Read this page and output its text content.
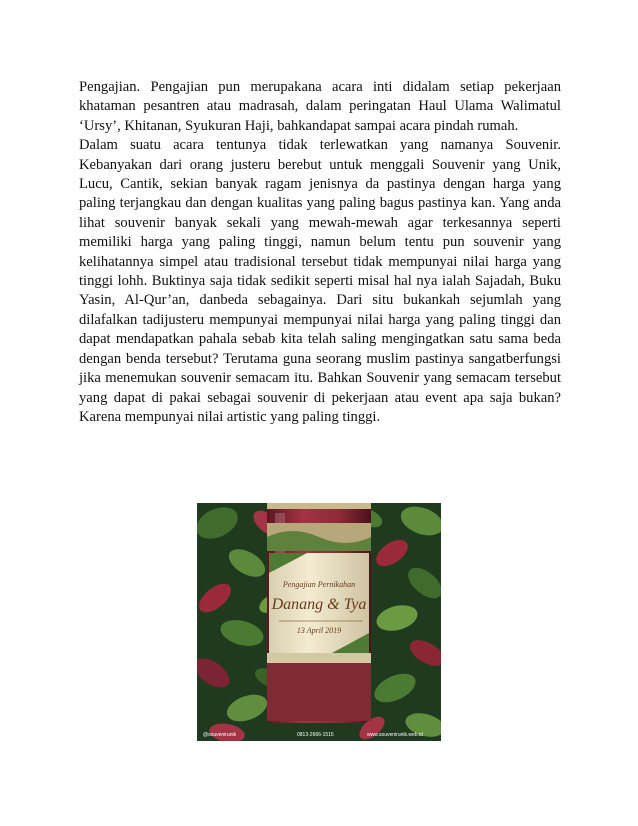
Pengajian. Pengajian pun merupakana acara inti didalam setiap pekerjaan khataman pesantren atau madrasah, dalam peringatan Haul Ulama Walimatul ‘Ursy’, Khitanan, Syukuran Haji, bahkandapat sampai acara pindah rumah.

Dalam suatu acara tentunya tidak terlewatkan yang namanya Souvenir. Kebanyakan dari orang justeru berebut untuk menggali Souvenir yang Unik, Lucu, Cantik, sekian banyak ragam jenisnya da pastinya dengan harga yang paling terjangkau dan dengan kualitas yang paling bagus pastinya kan. Yang anda lihat souvenir banyak sekali yang mewah-mewah agar terkesannya seperti memiliki harga yang paling tinggi, namun belum tentu pun souvenir yang kelihatannya simpel atau tradisional tersebut tidak mempunyai nilai harga yang tinggi lohh. Buktinya saja tidak sedikit seperti misal hal nya ialah Sajadah, Buku Yasin, Al-Qur’an, danbeda sebagainya. Dari situ bukankah sejumlah yang dilafalkan tadijusteru mempunyai mempunyai nilai harga yang paling tinggi dan dapat mendapatkan pahala sebab kita telah saling mengingatkan satu sama beda dengan benda tersebut? Terutama guna seorang muslim pastinya sangatberfungsi jika menemukan souvenir semacam itu. Bahkan Souvenir yang semacam tersebut yang dapat di pakai sebagai souvenir di pekerjaan atau event apa saja bukan? Karena mempunyai nilai artistic yang paling tinggi.

Pengajian Pernikahan
Danang & Tya
13 April 2019
@souvenirunik	0813-2666-1515	www.souvenirunik.web.id
